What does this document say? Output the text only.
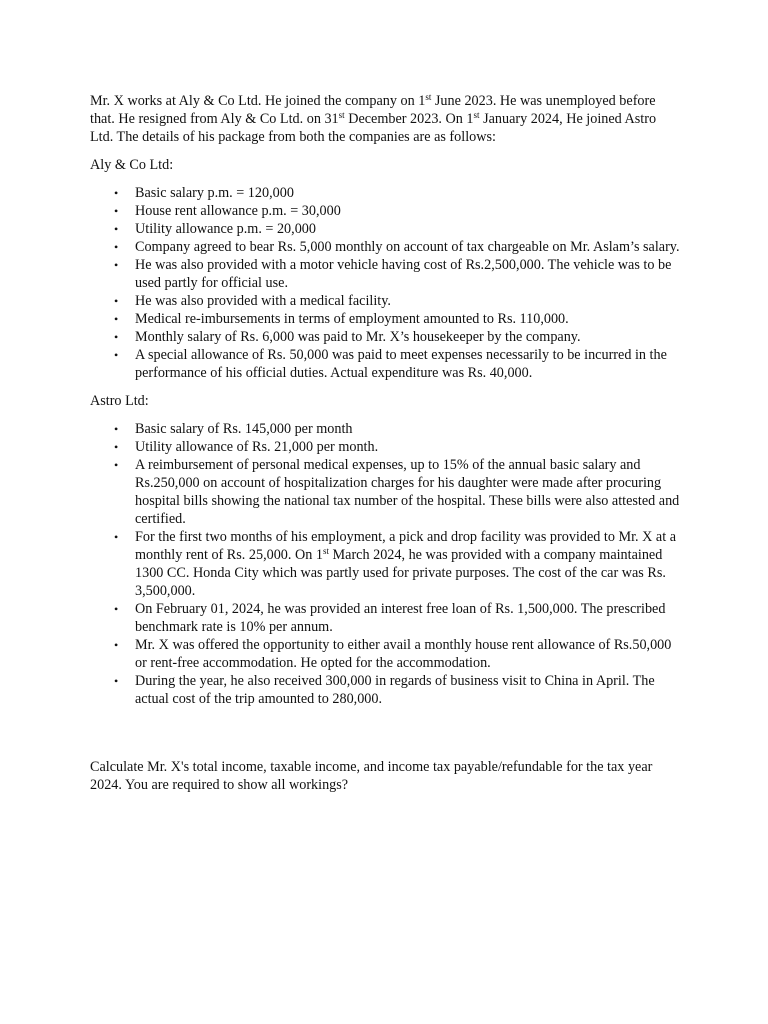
Mr. X works at Aly & Co Ltd. He joined the company on 1st June 2023. He was unemployed before that. He resigned from Aly & Co Ltd. on 31st December 2023. On 1st January 2024, He joined Astro Ltd. The details of his package from both the companies are as follows:

Aly & Co Ltd:

• Basic salary p.m. = 120,000
• House rent allowance p.m. = 30,000
• Utility allowance p.m. = 20,000
• Company agreed to bear Rs. 5,000 monthly on account of tax chargeable on Mr. Aslam’s salary.
• He was also provided with a motor vehicle having cost of Rs.2,500,000. The vehicle was to be used partly for official use.
• He was also provided with a medical facility.
• Medical re-imbursements in terms of employment amounted to Rs. 110,000.
• Monthly salary of Rs. 6,000 was paid to Mr. X’s housekeeper by the company.
• A special allowance of Rs. 50,000 was paid to meet expenses necessarily to be incurred in the performance of his official duties. Actual expenditure was Rs. 40,000.

Astro Ltd:

• Basic salary of Rs. 145,000 per month
• Utility allowance of Rs. 21,000 per month.
• A reimbursement of personal medical expenses, up to 15% of the annual basic salary and Rs.250,000 on account of hospitalization charges for his daughter were made after procuring hospital bills showing the national tax number of the hospital. These bills were also attested and certified.
• For the first two months of his employment, a pick and drop facility was provided to Mr. X at a monthly rent of Rs. 25,000. On 1st March 2024, he was provided with a company maintained 1300 CC. Honda City which was partly used for private purposes. The cost of the car was Rs. 3,500,000.
• On February 01, 2024, he was provided an interest free loan of Rs. 1,500,000. The prescribed benchmark rate is 10% per annum.
• Mr. X was offered the opportunity to either avail a monthly house rent allowance of Rs.50,000 or rent-free accommodation. He opted for the accommodation.
• During the year, he also received 300,000 in regards of business visit to China in April. The actual cost of the trip amounted to 280,000.

Calculate Mr. X's total income, taxable income, and income tax payable/refundable for the tax year 2024. You are required to show all workings?
